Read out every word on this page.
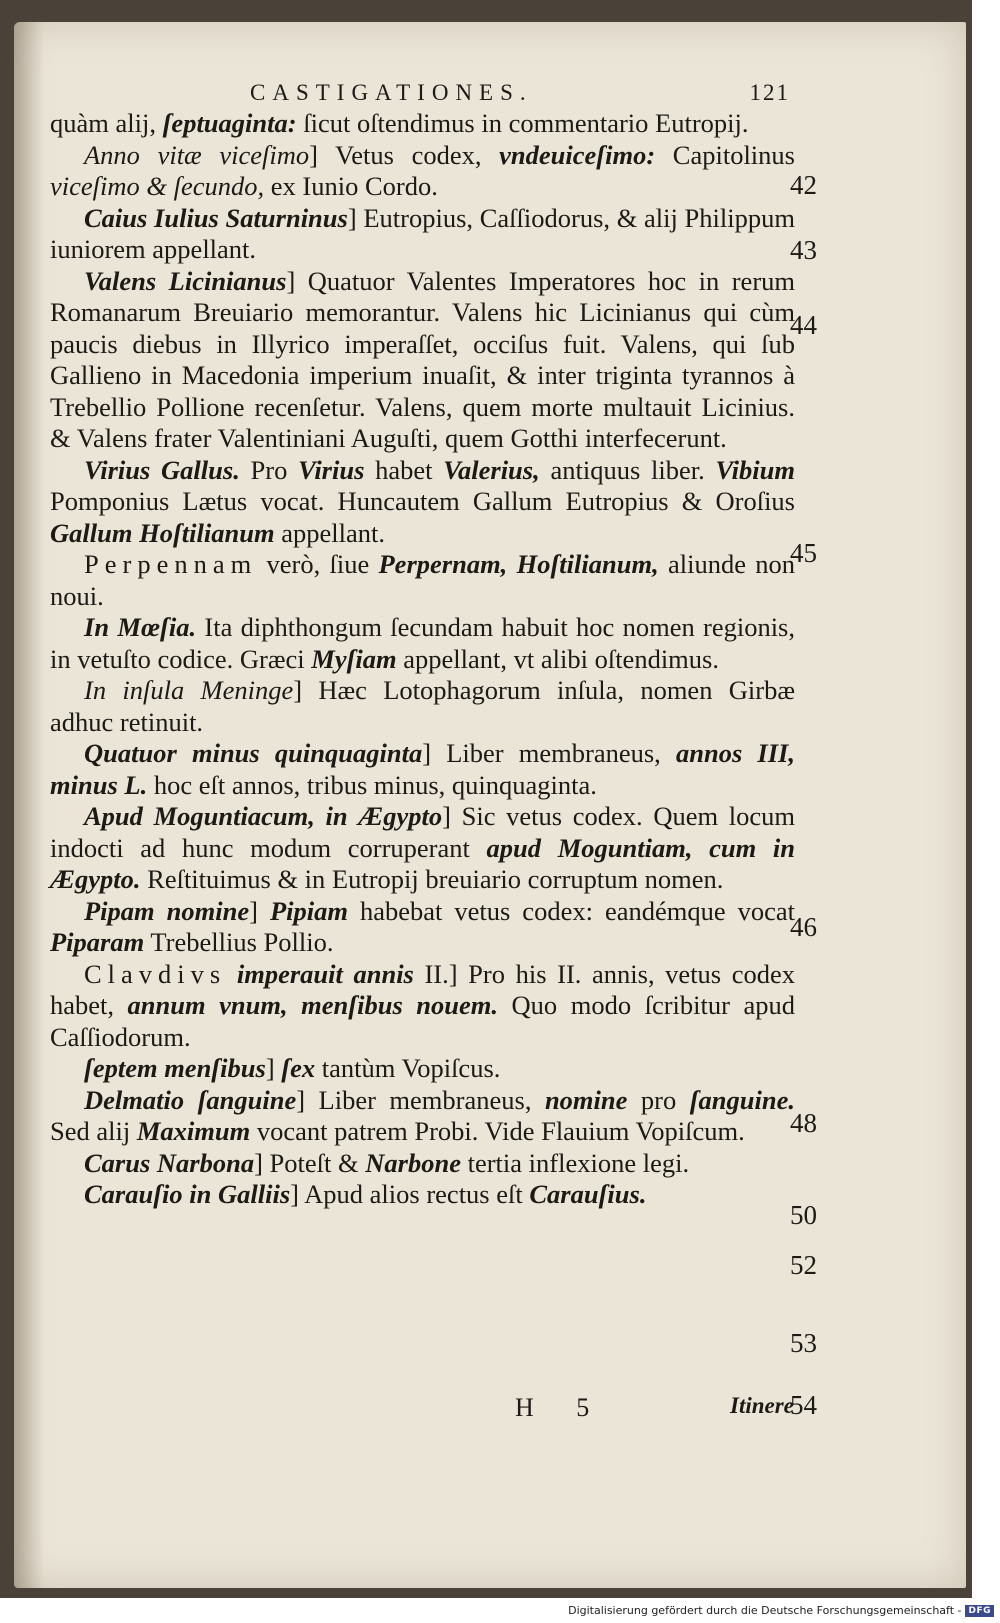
CASTIGATIONES.	121

quàm alij, ſeptuaginta: ſicut oſtendimus in commentario Eutropij.

Anno vitæ viceſimo] Vetus codex, vndeuiceſimo: Capitolinus viceſimo & ſecundo, ex Iunio Cordo.

Caius Iulius Saturninus] Eutropius, Caſſiodorus, & alij Philippum iuniorem appellant.

Valens Licinianus] Quatuor Valentes Imperatores hoc in rerum Romanarum Breuiario memorantur. Valens hic Licinianus qui cùm paucis diebus in Illyrico imperaſſet, occiſus fuit. Valens, qui ſub Gallieno in Macedonia imperium inuaſit, & inter triginta tyrannos à Trebellio Pollione recenſetur. Valens, quem morte multauit Licinius. & Valens frater Valentiniani Auguſti, quem Gotthi interfecerunt.

Virius Gallus. Pro Virius habet Valerius, antiquus liber. Vibium Pomponius Lætus vocat. Huncautem Gallum Eutropius & Oroſius Gallum Hoſtilianum appellant.

Perpennam verò, ſiue Perpernam, Hoſtilianum, aliunde non noui.

In Mœſia. Ita diphthongum ſecundam habuit hoc nomen regionis, in vetuſto codice. Græci Myſiam appellant, vt alibi oſtendimus.

In inſula Meninge] Hæc Lotophagorum inſula, nomen Girbæ adhuc retinuit.

Quatuor minus quinquaginta] Liber membraneus, annos III, minus L. hoc eſt annos, tribus minus, quinquaginta.

Apud Moguntiacum, in Ægypto] Sic vetus codex. Quem locum indocti ad hunc modum corruperant apud Moguntiam, cum in Ægypto. Reſtituimus & in Eutropij breuiario corruptum nomen.

Pipam nomine] Pipiam habebat vetus codex: eandémque vocat Piparam Trebellius Pollio.

Clavdivs imperauit annis II.] Pro his II. annis, vetus codex habet, annum vnum, menſibus nouem. Quo modo ſcribitur apud Caſſiodorum.

ſeptem menſibus] ſex tantùm Vopiſcus.

Delmatio ſanguine] Liber membraneus, nomine pro ſanguine. Sed alij Maximum vocant patrem Probi. Vide Flauium Vopiſcum.

Carus Narbona] Poteſt & Narbone tertia inflexione legi.

Carauſio in Galliis] Apud alios rectus eſt Carauſius.

42
43
44
45
46
48
50
52
53
54
H 5	Itinere
Digitalisierung gefördert durch die Deutsche Forschungsgemeinschaft - DFG
